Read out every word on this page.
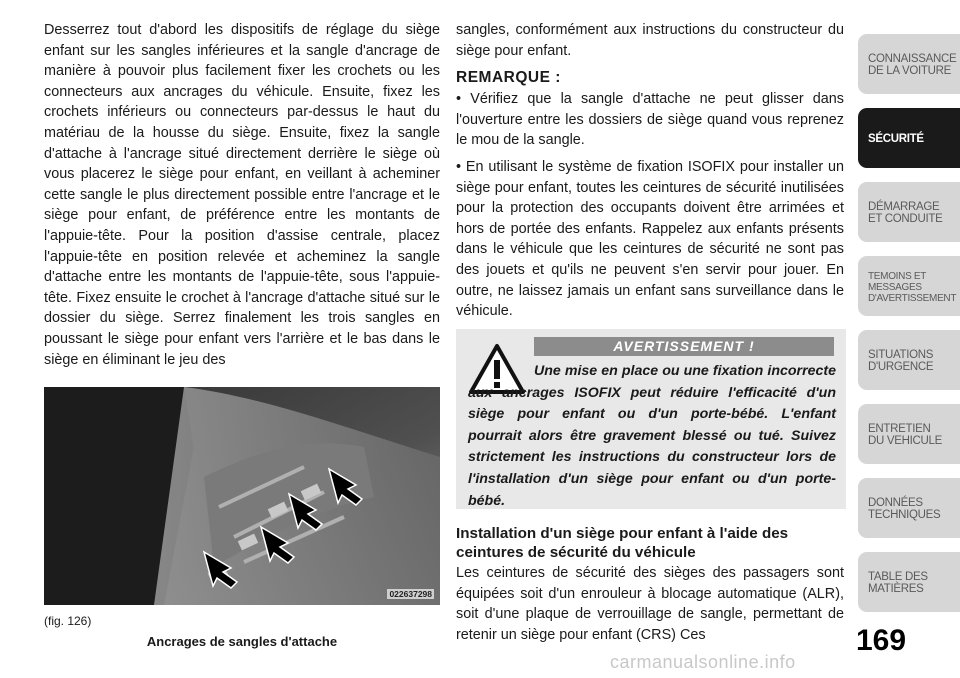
Desserrez tout d'abord les dispositifs de réglage du siège enfant sur les sangles inférieures et la sangle d'ancrage de manière à pouvoir plus facilement fixer les crochets ou les connecteurs aux ancrages du véhicule. Ensuite, fixez les crochets inférieurs ou connecteurs par-dessus le haut du matériau de la housse du siège. Ensuite, fixez la sangle d'attache à l'ancrage situé directement derrière le siège où vous placerez le siège pour enfant, en veillant à acheminer cette sangle le plus directement possible entre l'ancrage et le siège pour enfant, de préférence entre les montants de l'appuie-tête. Pour la position d'assise centrale, placez l'appuie-tête en position relevée et acheminez la sangle d'attache entre les montants de l'appuie-tête, sous l'appuie-tête. Fixez ensuite le crochet à l'ancrage d'attache situé sur le dossier du siège. Serrez finalement les trois sangles en poussant le siège pour enfant vers l'arrière et le bas dans le siège en éliminant le jeu des

sangles, conformément aux instructions du constructeur du siège pour enfant.

REMARQUE :

• Vérifiez que la sangle d'attache ne peut glisser dans l'ouverture entre les dossiers de siège quand vous reprenez le mou de la sangle.

• En utilisant le système de fixation ISOFIX pour installer un siège pour enfant, toutes les ceintures de sécurité inutilisées pour la protection des occupants doivent être arrimées et hors de portée des enfants. Rappelez aux enfants présents dans le véhicule que les ceintures de sécurité ne sont pas des jouets et qu'ils ne peuvent s'en servir pour jouer. En outre, ne laissez jamais un enfant sans surveillance dans le véhicule.

AVERTISSEMENT !

Une mise en place ou une fixation incorrecte aux ancrages ISOFIX peut réduire l'efficacité d'un siège pour enfant ou d'un porte-bébé. L'enfant pourrait alors être gravement blessé ou tué. Suivez strictement les instructions du constructeur lors de l'installation d'un siège pour enfant ou d'un porte-bébé.

Installation d'un siège pour enfant à l'aide des ceintures de sécurité du véhicule

Les ceintures de sécurité des sièges des passagers sont équipées soit d'un enrouleur à blocage automatique (ALR), soit d'une plaque de verrouillage de sangle, permettant de retenir un siège pour enfant (CRS) Ces

022637298
(fig. 126)
Ancrages de sangles d'attache
CONNAISSANCE
DE LA VOITURE
SÉCURITÉ
DÉMARRAGE
ET CONDUITE
TEMOINS ET
MESSAGES
D'AVERTISSEMENT
SITUATIONS
D'URGENCE
ENTRETIEN
DU VEHICULE
DONNÉES
TECHNIQUES
TABLE DES
MATIÈRES
169
carmanualsonline.info
